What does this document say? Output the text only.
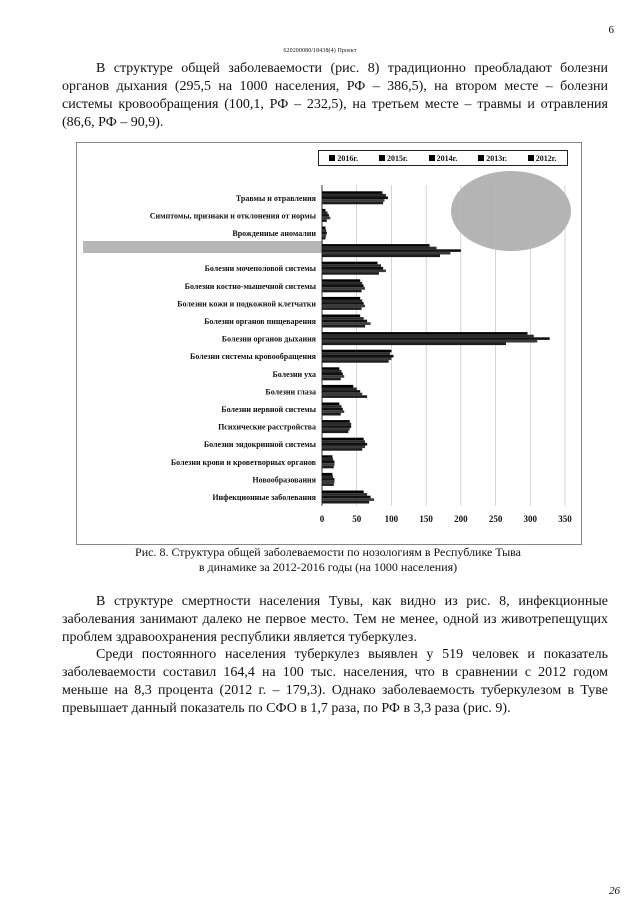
6
620200080/18438(4) Проект

В структуре общей заболеваемости (рис. 8) традиционно преобладают болезни органов дыхания (295,5 на 1000 населения, РФ – 386,5), на втором месте – болезни системы кровообращения (100,1, РФ – 232,5), на третьем месте – травмы и отравления (86,6, РФ – 90,9).

Травмы и отравления
Симптомы, признаки и отклонения от нормы
Врожденные аномалии
Болезни мочеполовой системы
Болезни костно-мышечной системы
Болезни кожи и подкожной клетчатки
Болезни органов пищеварения
Болезни органов дыхания
Болезни системы кровообращения
Болезни уха
Болезни глаза
Болезни нервной системы
Психические расстройства
Болезни эндокринной системы
Болезни крови и кроветворных органов
Новообразования
Инфекционные заболевания
0	50	100 150 200 250 300 350
2016г.	2015г.	2014г.	2013г.	2012г.
Рис. 8. Структура общей заболеваемости по нозологиям в Республике Тыва
в динамике за 2012-2016 годы (на 1000 населения)

В структуре смертности населения Тувы, как видно из рис. 8, инфекционные заболевания занимают далеко не первое место. Тем не менее, одной из животрепещущих проблем здравоохранения республики является туберкулез.

Среди постоянного населения туберкулез выявлен у 519 человек и показатель заболеваемости составил 164,4 на 100 тыс. населения, что в сравнении с 2012 годом меньше на 8,3 процента (2012 г. – 179,3). Однако заболеваемость туберкулезом в Туве превышает данный показатель по СФО в 1,7 раза, по РФ в 3,3 раза (рис. 9).

26
